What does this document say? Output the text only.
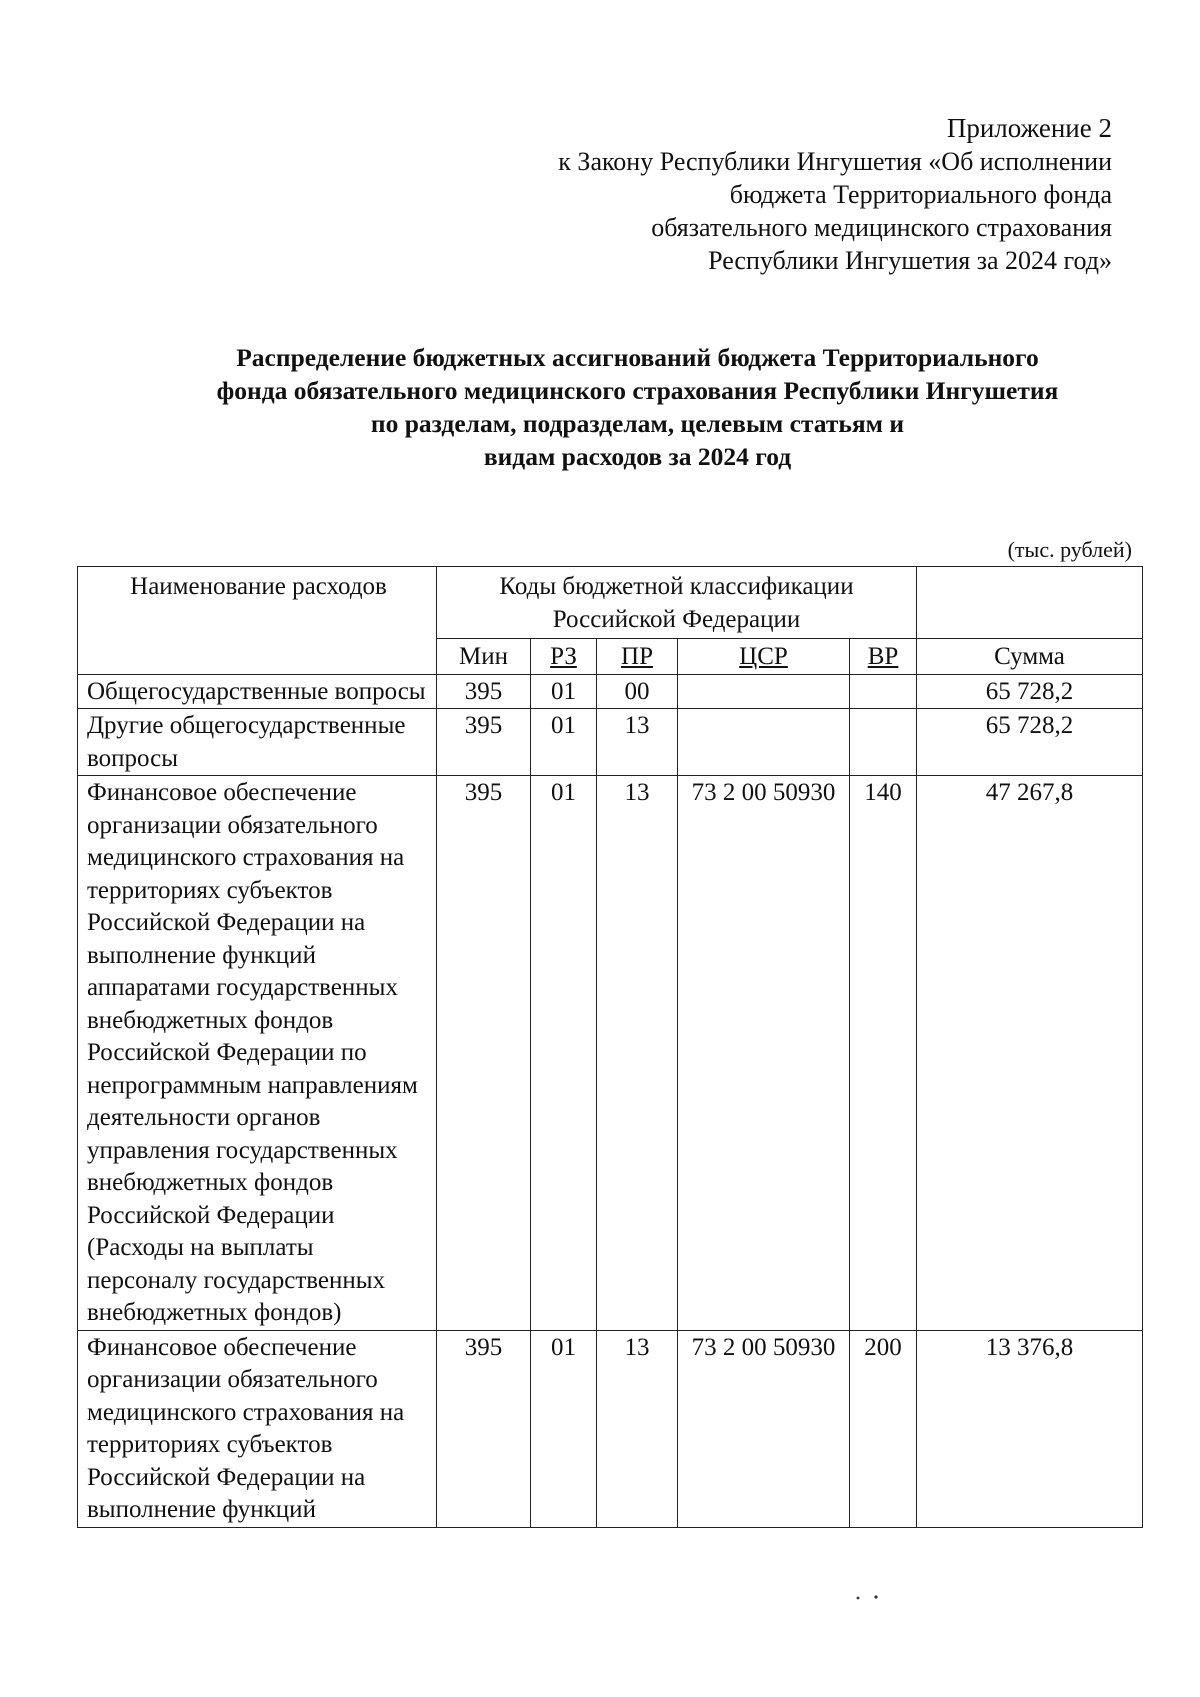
Приложение 2
к Закону Республики Ингушетия «Об исполнении
бюджета Территориального фонда
обязательного медицинского страхования
Республики Ингушетия за 2024 год»
Распределение бюджетных ассигнований бюджета Территориального
фонда обязательного медицинского страхования Республики Ингушетия
по разделам, подразделам, целевым статьям и
видам расходов за 2024 год
(тыс. рублей)
Наименование расходов	Коды бюджетной классификации Российской Федерации					
	Мин	РЗ	ПР	ЦСР	ВР	Сумма
Общегосударственные вопросы	395	01	00			65 728,2
Другие общегосударственные вопросы	395	01	13			65 728,2
Финансовое обеспечение организации обязательного медицинского страхования на территориях субъектов Российской Федерации на выполнение функций аппаратами государственных внебюджетных фондов Российской Федерации по непрограммным направлениям деятельности органов управления государственных внебюджетных фондов Российской Федерации (Расходы на выплаты персоналу государственных внебюджетных фондов)	395	01	13	73 2 00 50930	140	47 267,8
Финансовое обеспечение организации обязательного медицинского страхования на территориях субъектов Российской Федерации на выполнение функций	395	01	13	73 2 00 50930	200	13 376,8
